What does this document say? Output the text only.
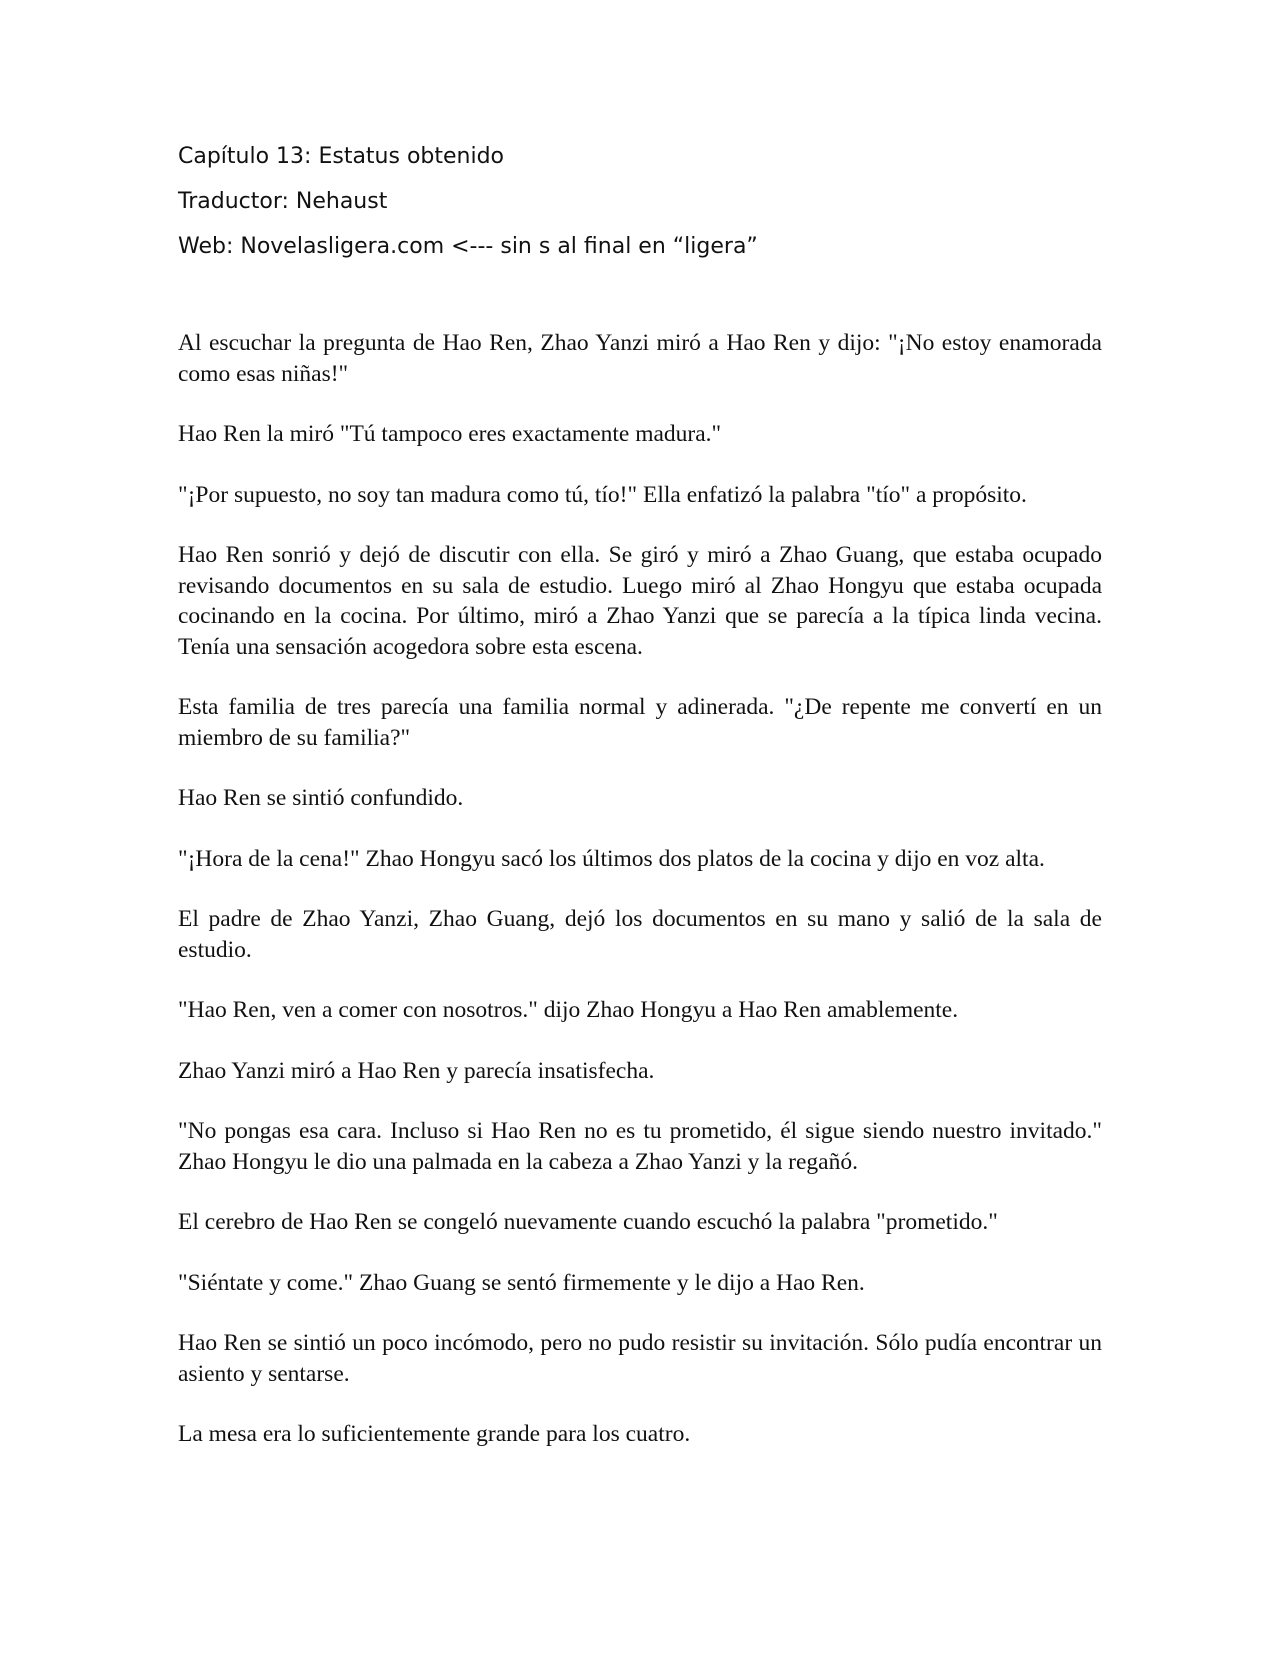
Capítulo 13: Estatus obtenido
Traductor: Nehaust
Web: Novelasligera.com <--- sin s al final en “ligera”

Al escuchar la pregunta de Hao Ren, Zhao Yanzi miró a Hao Ren y dijo: "¡No estoy enamorada como esas niñas!"

Hao Ren la miró "Tú tampoco eres exactamente madura."

"¡Por supuesto, no soy tan madura como tú, tío!" Ella enfatizó la palabra "tío" a propósito.

Hao Ren sonrió y dejó de discutir con ella. Se giró y miró a Zhao Guang, que estaba ocupado revisando documentos en su sala de estudio. Luego miró al Zhao Hongyu que estaba ocupada cocinando en la cocina. Por último, miró a Zhao Yanzi que se parecía a la típica linda vecina. Tenía una sensación acogedora sobre esta escena.

Esta familia de tres parecía una familia normal y adinerada. "¿De repente me convertí en un miembro de su familia?"

Hao Ren se sintió confundido.

"¡Hora de la cena!" Zhao Hongyu sacó los últimos dos platos de la cocina y dijo en voz alta.

El padre de Zhao Yanzi, Zhao Guang, dejó los documentos en su mano y salió de la sala de estudio.

"Hao Ren, ven a comer con nosotros." dijo Zhao Hongyu a Hao Ren amablemente.

Zhao Yanzi miró a Hao Ren y parecía insatisfecha.

"No pongas esa cara. Incluso si Hao Ren no es tu prometido, él sigue siendo nuestro invitado." Zhao Hongyu le dio una palmada en la cabeza a Zhao Yanzi y la regañó.

El cerebro de Hao Ren se congeló nuevamente cuando escuchó la palabra "prometido."

"Siéntate y come." Zhao Guang se sentó firmemente y le dijo a Hao Ren.

Hao Ren se sintió un poco incómodo, pero no pudo resistir su invitación. Sólo pudía encontrar un asiento y sentarse.

La mesa era lo suficientemente grande para los cuatro.
